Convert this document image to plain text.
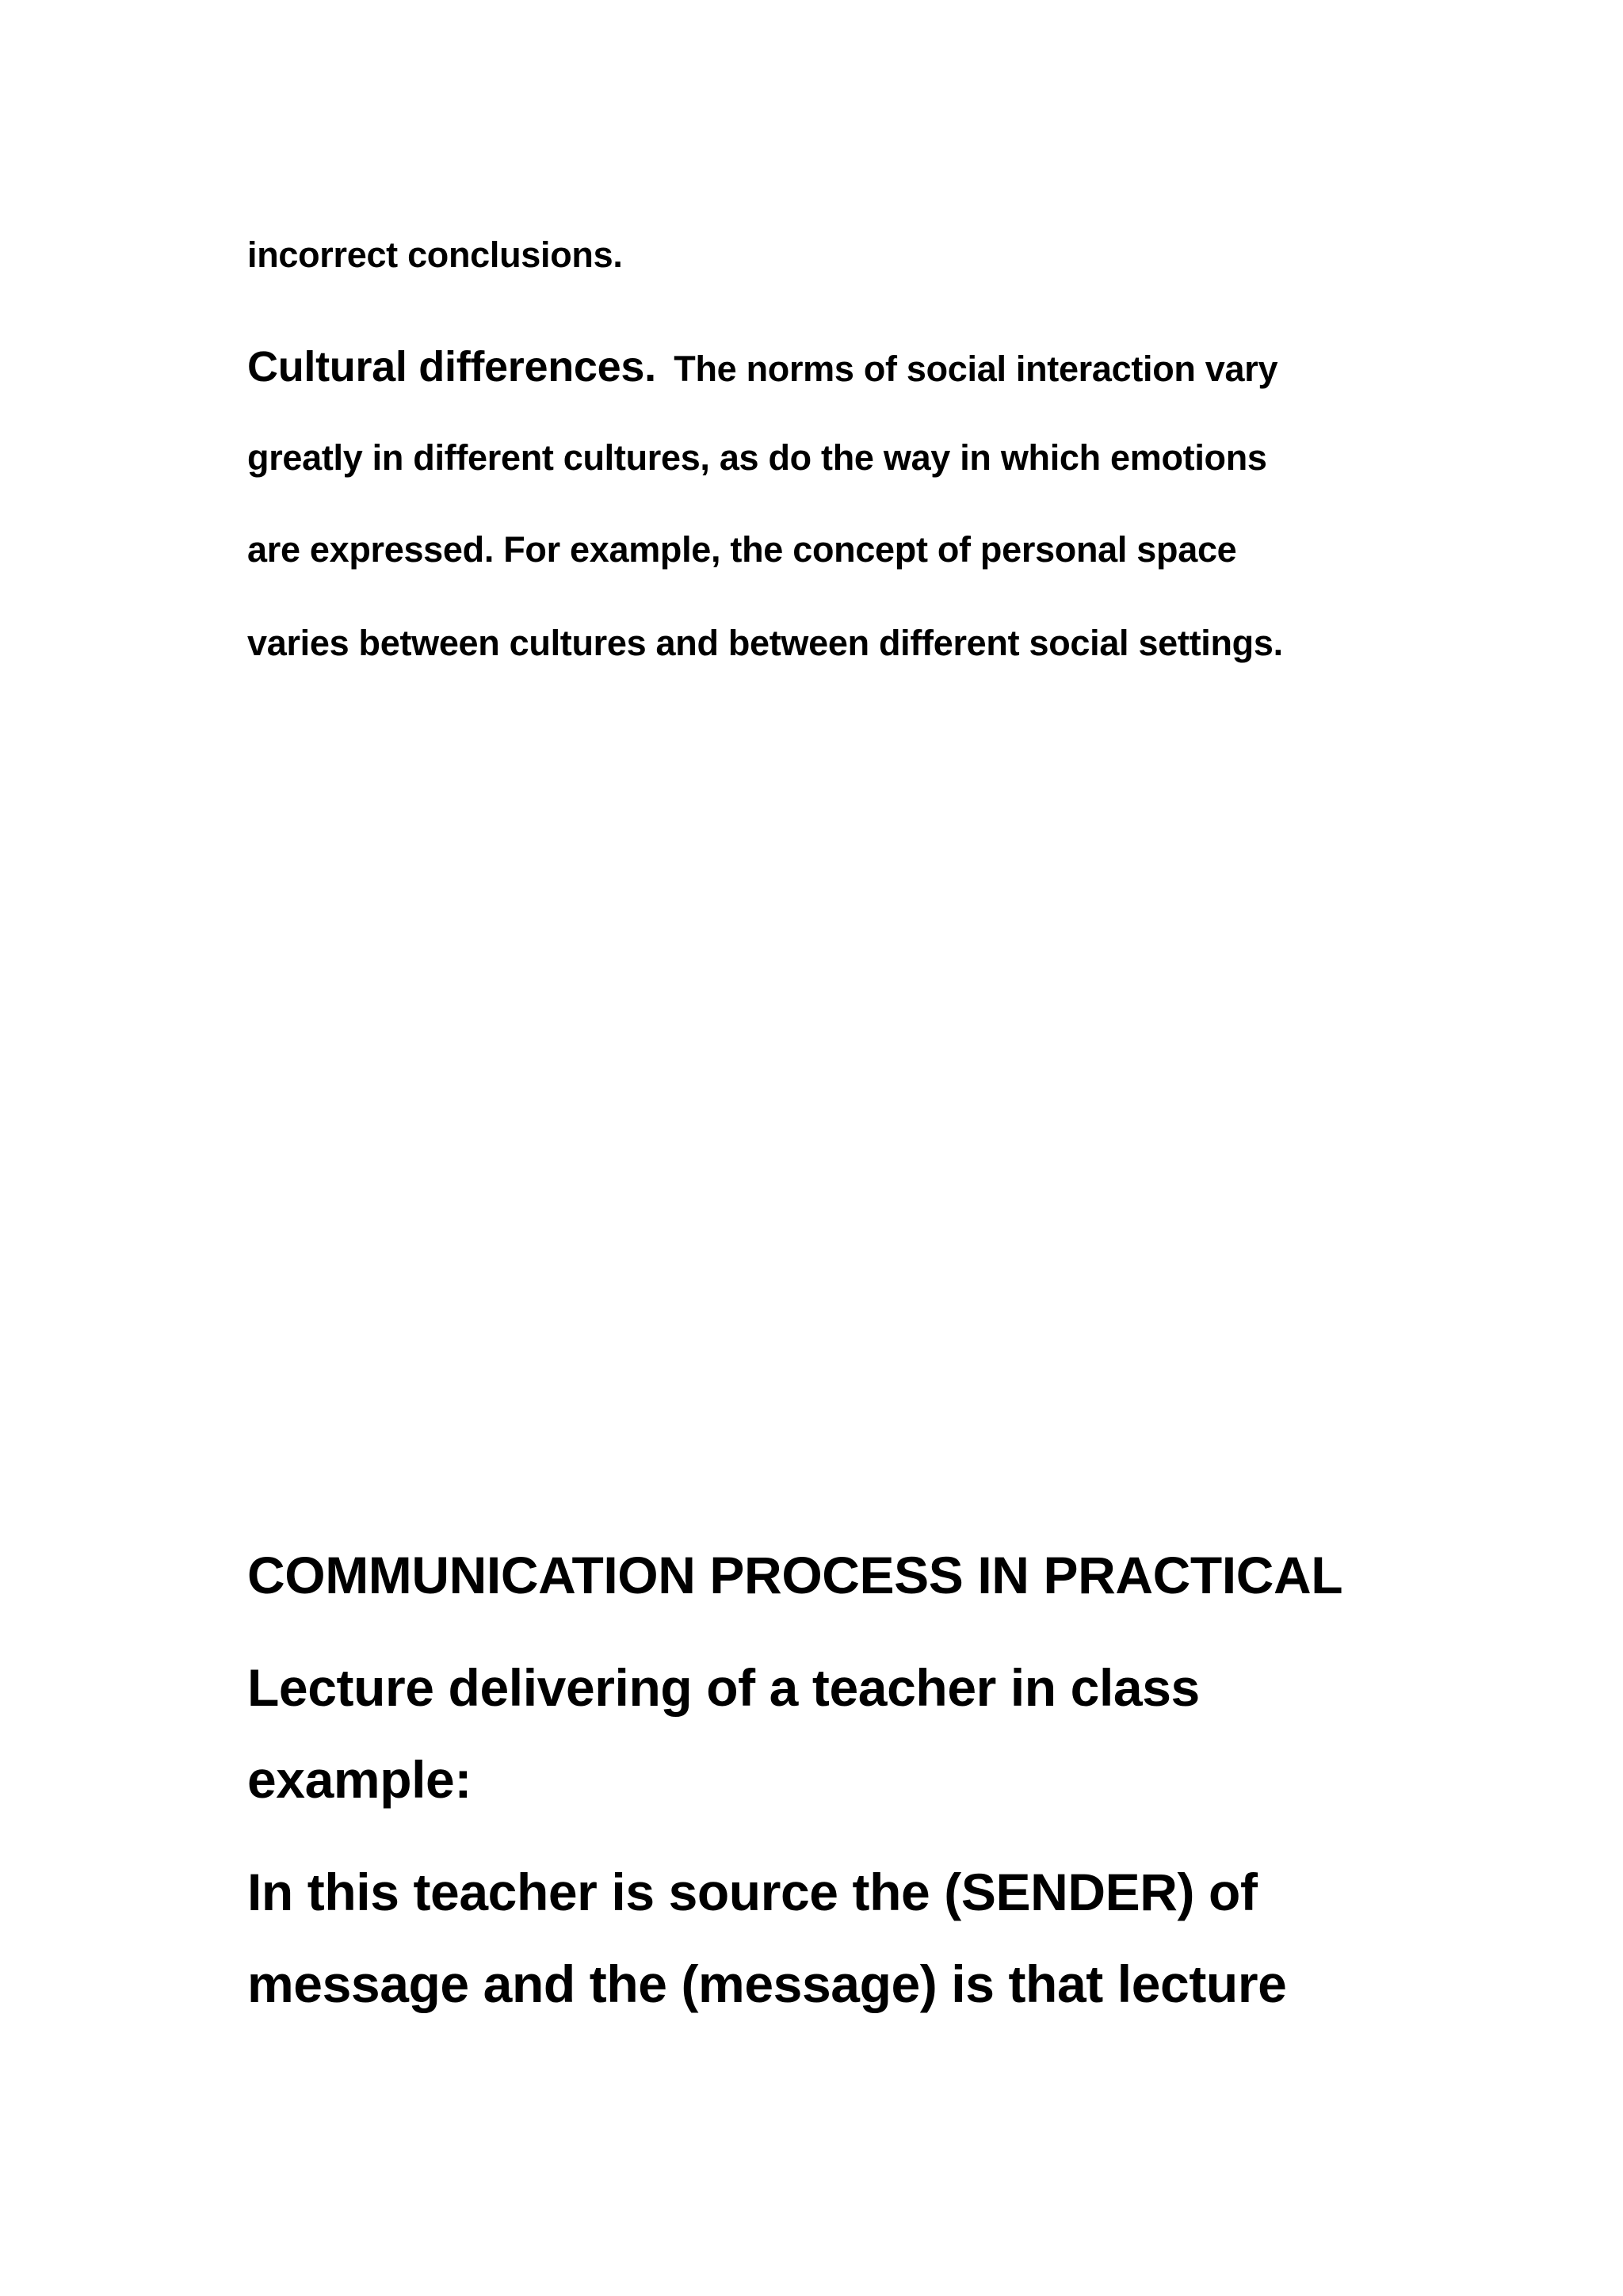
incorrect conclusions.

Cultural differences. The norms of social interaction vary

greatly in different cultures, as do the way in which emotions

are expressed. For example, the concept of personal space

varies between cultures and between different social settings.

COMMUNICATION PROCESS IN PRACTICAL

Lecture delivering of a teacher in class

example:

In this teacher is source the (SENDER) of

message and the (message) is that lecture
